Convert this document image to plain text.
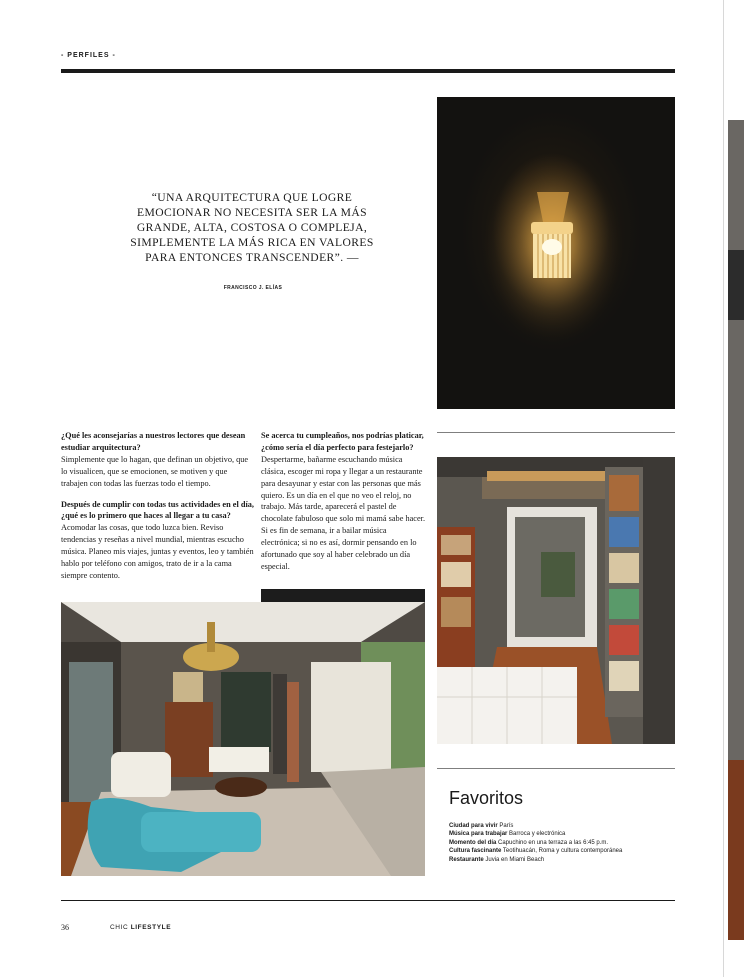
- PERFILES -
“UNA ARQUITECTURA QUE LOGRE EMOCIONAR NO NECESITA SER LA MÁS GRANDE, ALTA, COSTOSA O COMPLEJA, SIMPLEMENTE LA MÁS RICA EN VALORES PARA ENTONCES TRANSCENDER”. —
FRANCISCO J. ELÍAS

¿Qué les aconsejarías a nuestros lectores que desean estudiar arquitectura?
Simplemente que lo hagan, que definan un objetivo, que lo visualicen, que se emocionen, se motiven y que trabajen con todas las fuerzas todo el tiempo.

Después de cumplir con todas tus actividades en el día, ¿qué es lo primero que haces al llegar a tu casa?
Acomodar las cosas, que todo luzca bien. Reviso tendencias y reseñas a nivel mundial, mientras escucho música. Planeo mis viajes, juntas y eventos, leo y también hablo por teléfono con amigos, trato de ir a la cama siempre contento.

Se acerca tu cumpleaños, nos podrías platicar, ¿cómo sería el día perfecto para festejarlo?
Despertarme, bañarme escuchando música clásica, escoger mi ropa y llegar a un restaurante para desayunar y estar con las personas que más quiero. Es un día en el que no veo el reloj, no trabajo. Más tarde, aparecerá el pastel de chocolate fabuloso que solo mi mamá sabe hacer. Si es fin de semana, ir a bailar música electrónica; si no es así, dormir pensando en lo afortunado que soy al haber celebrado un día especial.

Favoritos
Ciudad para vivir París
Música para trabajar Barroca y electrónica
Momento del día Capuchino en una terraza a las 6:45 p.m.
Cultura fascinante Teotihuacán, Roma y cultura contemporánea
Restaurante Juvia en Miami Beach
36	CHIC LIFESTYLE
